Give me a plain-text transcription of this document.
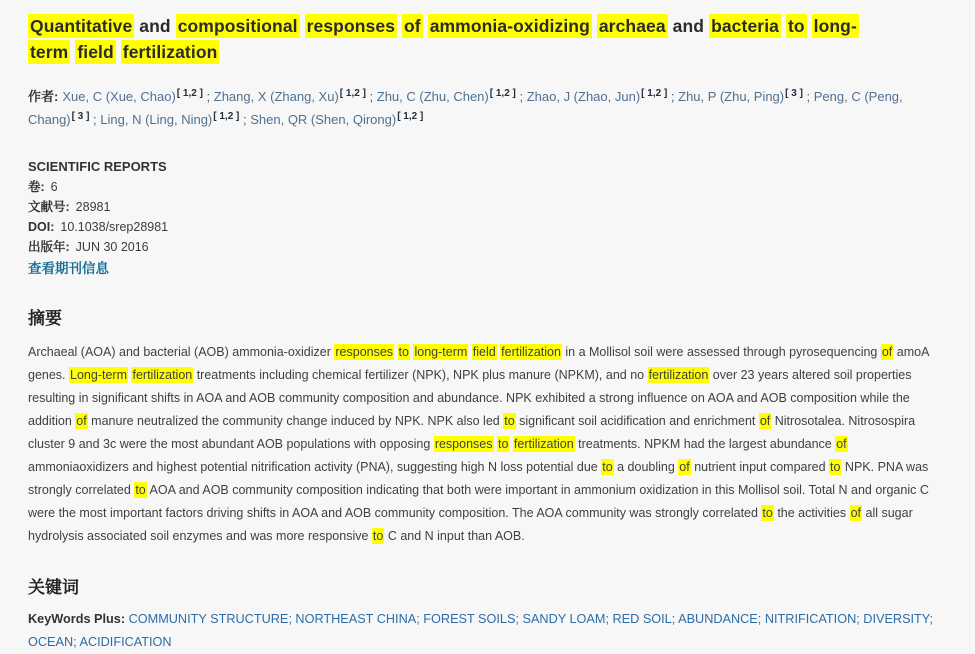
Quantitative and compositional responses of ammonia-oxidizing archaea and bacteria to long-
term field fertilization

作者: Xue, C (Xue, Chao)[ 1,2 ] ; Zhang, X (Zhang, Xu)[ 1,2 ] ; Zhu, C (Zhu, Chen)[ 1,2 ] ; Zhao, J (Zhao, Jun)[ 1,2 ] ; Zhu, P (Zhu, Ping)[ 3 ] ; Peng, C (Peng, Chang)[ 3 ] ; Ling, N (Ling, Ning)[ 1,2 ] ; Shen, QR (Shen, Qirong)[ 1,2 ]

SCIENTIFIC REPORTS
卷: 6
文献号: 28981
DOI: 10.1038/srep28981
出版年: JUN 30 2016
查看期刊信息
摘要

Archaeal (AOA) and bacterial (AOB) ammonia-oxidizer responses to long-term field fertilization in a Mollisol soil were assessed through pyrosequencing of amoA genes. Long-term fertilization treatments including chemical fertilizer (NPK), NPK plus manure (NPKM), and no fertilization over 23 years altered soil properties resulting in significant shifts in AOA and AOB community composition and abundance. NPK exhibited a strong influence on AOA and AOB composition while the addition of manure neutralized the community change induced by NPK. NPK also led to significant soil acidification and enrichment of Nitrosotalea. Nitrosospira cluster 9 and 3c were the most abundant AOB populations with opposing responses to fertilization treatments. NPKM had the largest abundance of ammoniaoxidizers and highest potential nitrification activity (PNA), suggesting high N loss potential due to a doubling of nutrient input compared to NPK. PNA was strongly correlated to AOA and AOB community composition indicating that both were important in ammonium oxidization in this Mollisol soil. Total N and organic C were the most important factors driving shifts in AOA and AOB community composition. The AOA community was strongly correlated to the activities of all sugar hydrolysis associated soil enzymes and was more responsive to C and N input than AOB.

关键词

KeyWords Plus: COMMUNITY STRUCTURE; NORTHEAST CHINA; FOREST SOILS; SANDY LOAM; RED SOIL; ABUNDANCE; NITRIFICATION; DIVERSITY; OCEAN; ACIDIFICATION
